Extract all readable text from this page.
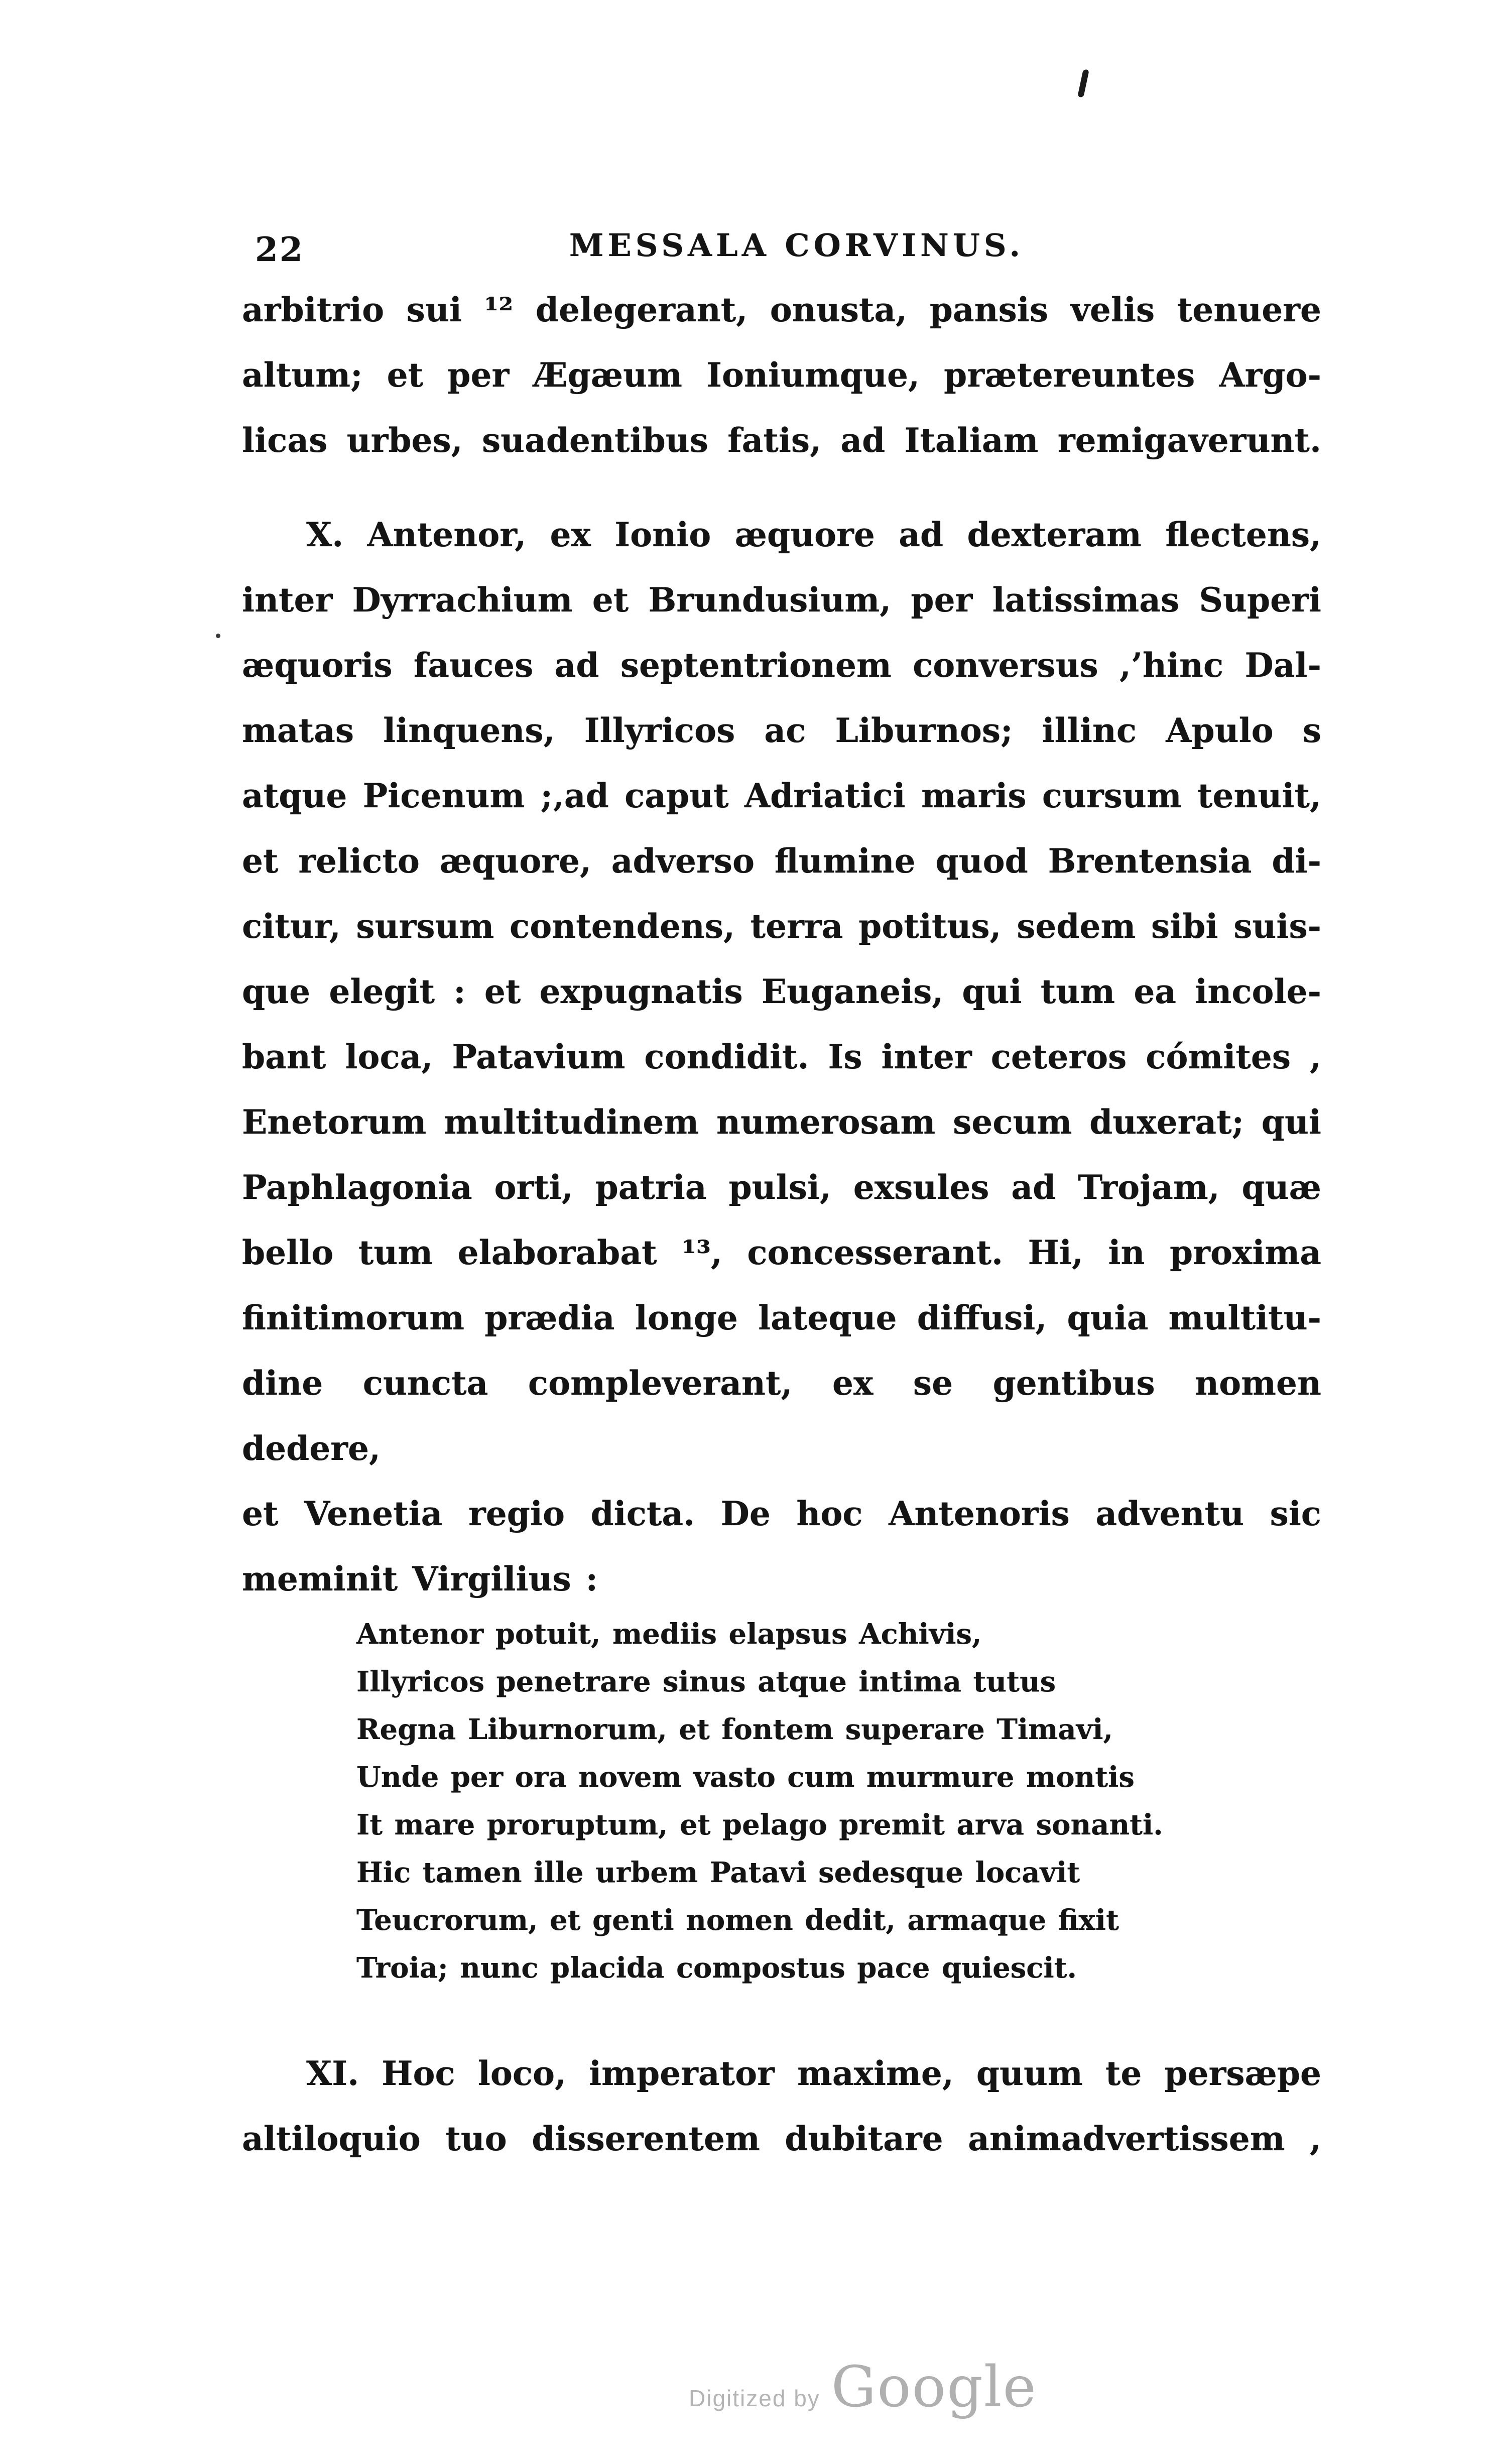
22	MESSALA CORVINUS.
arbitrio sui ¹² delegerant, onusta, pansis velis tenuere
altum; et per Ægæum Ioniumque, prætereuntes Argo-
licas urbes, suadentibus fatis, ad Italiam remigaverunt.
X. Antenor, ex Ionio æquore ad dexteram flectens,
inter Dyrrachium et Brundusium, per latissimas Superi
æquoris fauces ad septentrionem conversus ,’hinc Dal-
matas linquens, Illyricos ac Liburnos; illinc Apulo s
atque Picenum ;‚ad caput Adriatici maris cursum tenuit,
et relicto æquore, adverso flumine quod Brentensia di-
citur, sursum contendens, terra potitus, sedem sibi suis-
que elegit : et expugnatis Euganeis, qui tum ea incole-
bant loca, Patavium condidit. Is inter ceteros cómites ,
Enetorum multitudinem numerosam secum duxerat; qui
Paphlagonia orti, patria pulsi, exsules ad Trojam, quæ
bello tum elaborabat ¹³, concesserant. Hi, in proxima
finitimorum prædia longe lateque diffusi, quia multitu-
dine cuncta compleverant, ex se gentibus nomen dedere,
et Venetia regio dicta. De hoc Antenoris adventu sic
meminit Virgilius :
Antenor potuit, mediis elapsus Achivis,
Illyricos penetrare sinus atque intima tutus
Regna Liburnorum, et fontem superare Timavi,
Unde per ora novem vasto cum murmure montis
It mare proruptum, et pelago premit arva sonanti.
Hic tamen ille urbem Patavi sedesque locavit
Teucrorum, et genti nomen dedit, armaque fixit
Troia; nunc placida compostus pace quiescit.
XI. Hoc loco, imperator maxime, quum te persæpe
altiloquio tuo disserentem dubitare animadvertissem ,
Digitized by Google
